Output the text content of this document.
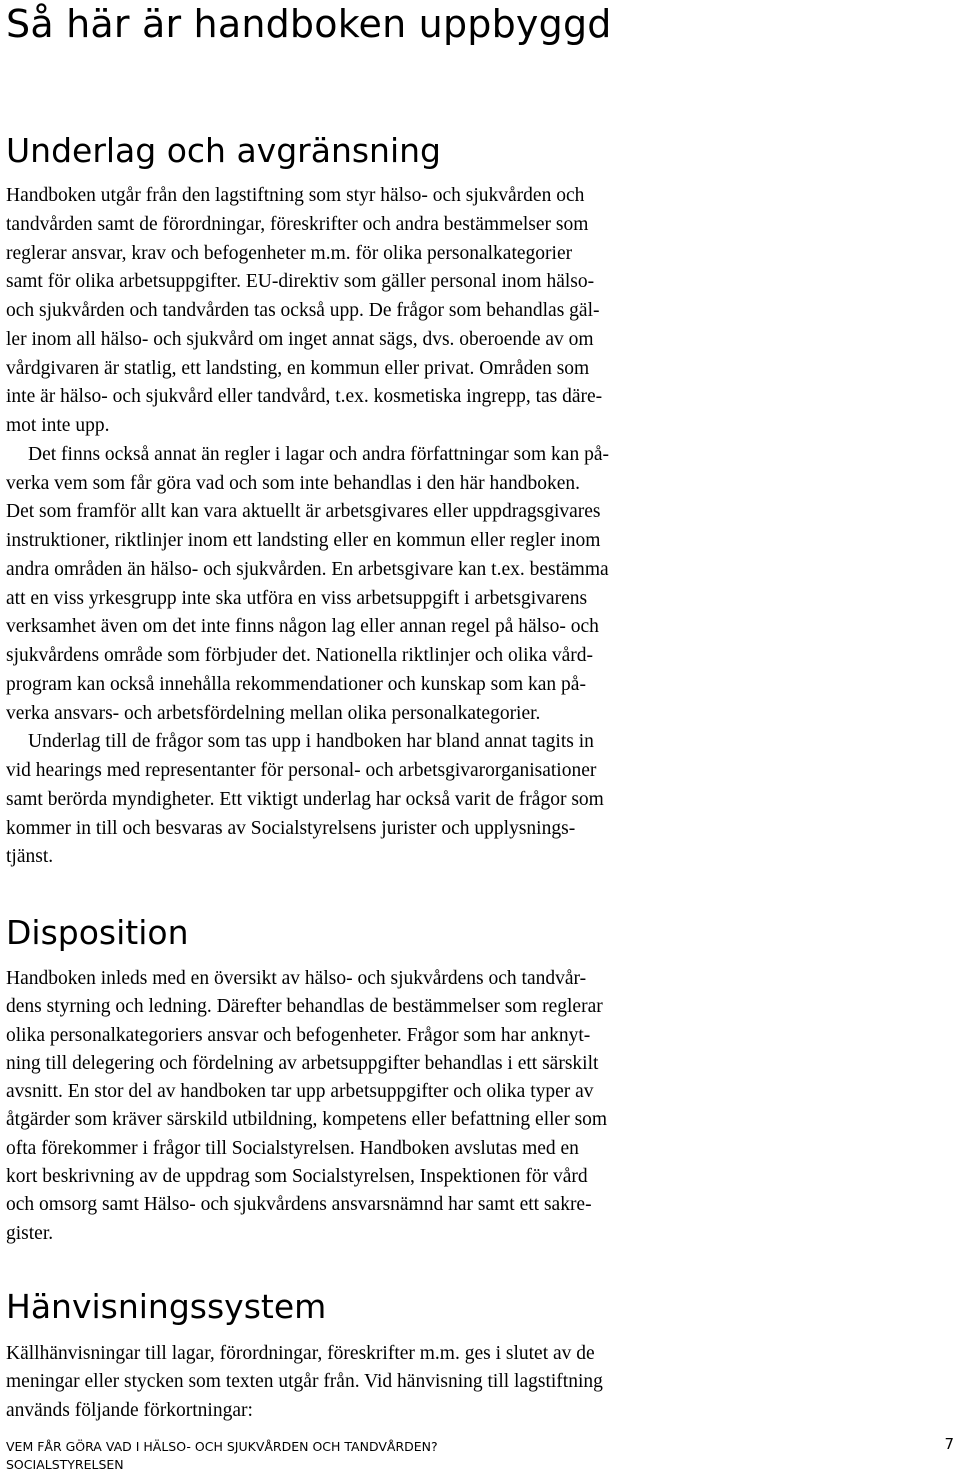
Så här är handboken uppbyggd
Underlag och avgränsning
Handboken utgår från den lagstiftning som styr hälso- och sjukvården och
tandvården samt de förordningar, föreskrifter och andra bestämmelser som
reglerar ansvar, krav och befogenheter m.m. för olika personalkategorier
samt för olika arbetsuppgifter. EU-direktiv som gäller personal inom hälso-
och sjukvården och tandvården tas också upp. De frågor som behandlas gäl-
ler inom all hälso- och sjukvård om inget annat sägs, dvs. oberoende av om
vårdgivaren är statlig, ett landsting, en kommun eller privat. Områden som
inte är hälso- och sjukvård eller tandvård, t.ex. kosmetiska ingrepp, tas däre-
mot inte upp.
Det finns också annat än regler i lagar och andra författningar som kan på-
verka vem som får göra vad och som inte behandlas i den här handboken.
Det som framför allt kan vara aktuellt är arbetsgivares eller uppdragsgivares
instruktioner, riktlinjer inom ett landsting eller en kommun eller regler inom
andra områden än hälso- och sjukvården. En arbetsgivare kan t.ex. bestämma
att en viss yrkesgrupp inte ska utföra en viss arbetsuppgift i arbetsgivarens
verksamhet även om det inte finns någon lag eller annan regel på hälso- och
sjukvårdens område som förbjuder det. Nationella riktlinjer och olika vård-
program kan också innehålla rekommendationer och kunskap som kan på-
verka ansvars- och arbetsfördelning mellan olika personalkategorier.
Underlag till de frågor som tas upp i handboken har bland annat tagits in
vid hearings med representanter för personal- och arbetsgivarorganisationer
samt berörda myndigheter. Ett viktigt underlag har också varit de frågor som
kommer in till och besvaras av Socialstyrelsens jurister och upplysnings-
tjänst.
Disposition
Handboken inleds med en översikt av hälso- och sjukvårdens och tandvår-
dens styrning och ledning. Därefter behandlas de bestämmelser som reglerar
olika personalkategoriers ansvar och befogenheter. Frågor som har anknyt-
ning till delegering och fördelning av arbetsuppgifter behandlas i ett särskilt
avsnitt. En stor del av handboken tar upp arbetsuppgifter och olika typer av
åtgärder som kräver särskild utbildning, kompetens eller befattning eller som
ofta förekommer i frågor till Socialstyrelsen. Handboken avslutas med en
kort beskrivning av de uppdrag som Socialstyrelsen, Inspektionen för vård
och omsorg samt Hälso- och sjukvårdens ansvarsnämnd har samt ett sakre-
gister.
Hänvisningssystem
Källhänvisningar till lagar, förordningar, föreskrifter m.m. ges i slutet av de
meningar eller stycken som texten utgår från. Vid hänvisning till lagstiftning
används följande förkortningar:
VEM FÅR GÖRA VAD I HÄLSO- OCH SJUKVÅRDEN OCH TANDVÅRDEN?
SOCIALSTYRELSEN
7
